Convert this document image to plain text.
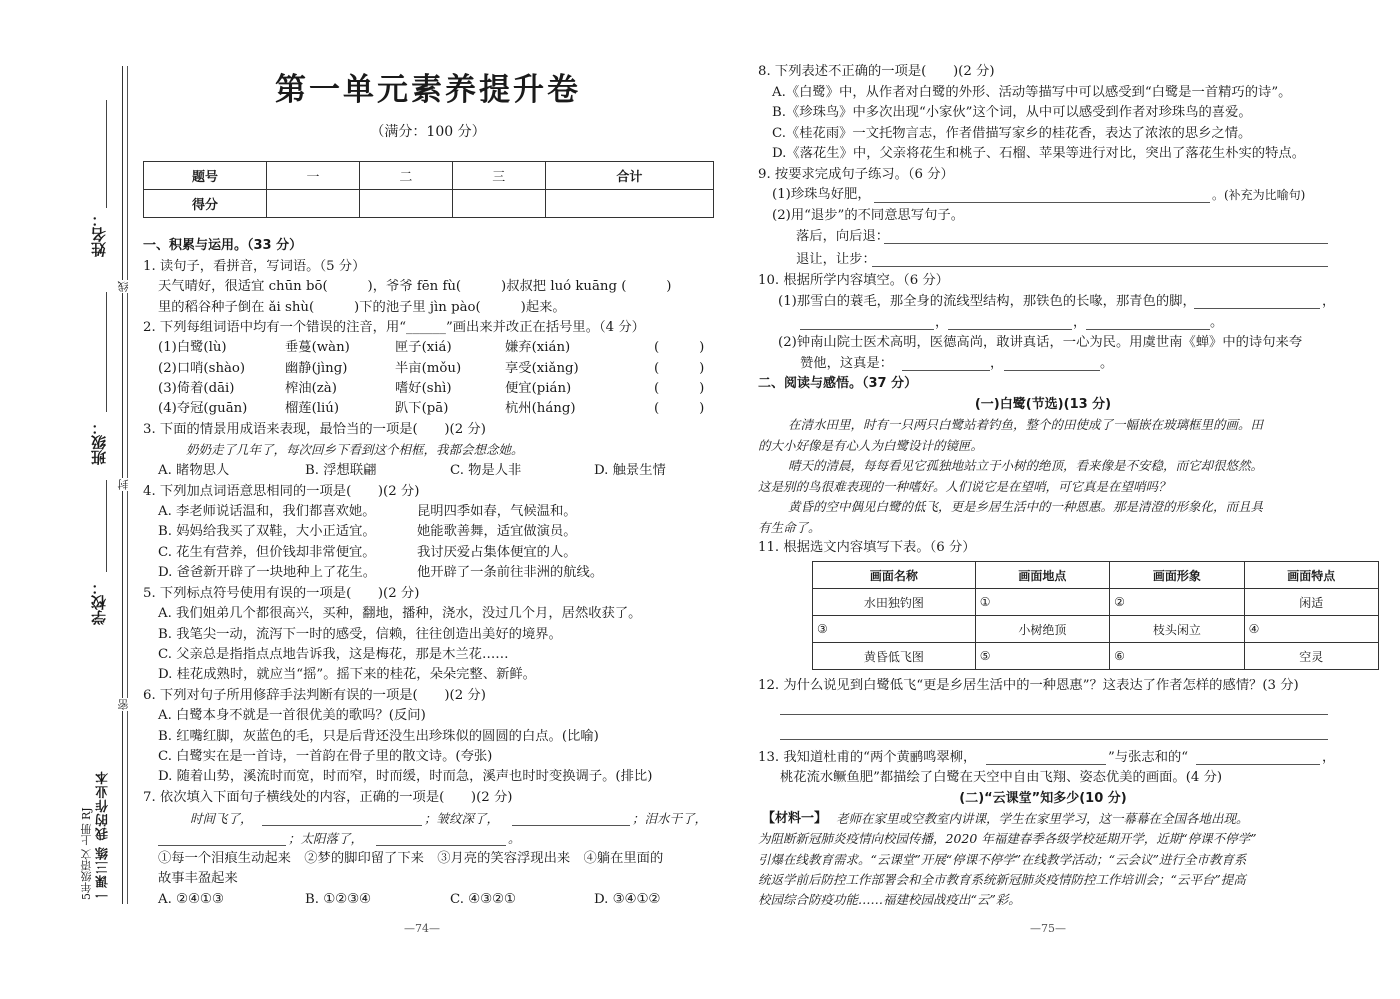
姓名：
线
班级：
封
学校：
密
一课三练 我的作业本
5年级语文 上册 RJ
第一单元素养提升卷
（满分：100 分）
题号	一	二	三	合计
得分				
一、积累与运用。（33 分）
1. 读句子，看拼音，写词语。（5 分）
天气晴好，很适宜 chūn bō(　　　)，爷爷 fēn fù(　　　)叔叔把 luó kuāng (　　　)
里的稻谷种子倒在 ǎi shù(　　　)下的池子里 jìn pào(　　　)起来。
2. 下列每组词语中均有一个错误的注音，用“______”画出来并改正在括号里。（4 分）
(1)白鹭(lù)	垂蔓(wàn)	匣子(xiá)	嫌弃(xián)	(　　　)
(2)口哨(shào)	幽静(jìnɡ)	半亩(mǒu)	享受(xiǎng)	(　　　)
(3)倚着(dāi)	榨油(zà)	嗜好(shì)	便宜(pián)	(　　　)
(4)夺冠(guān)	榴莲(liú)	趴下(pā)	杭州(háng)	(　　　)
3. 下面的情景用成语来表现，最恰当的一项是(　　)(2 分)
奶奶走了几年了，每次回乡下看到这个相框，我都会想念她。
A. 睹物思人	B. 浮想联翩	C. 物是人非	D. 触景生情
4. 下列加点词语意思相同的一项是(　　)(2 分)
A. 李老师说话温和，我们都喜欢她。	昆明四季如春，气候温和。
B. 妈妈给我买了双鞋，大小正适宜。	她能歌善舞，适宜做演员。
C. 花生有营养，但价钱却非常便宜。	我讨厌爱占集体便宜的人。
D. 爸爸新开辟了一块地种上了花生。	他开辟了一条前往非洲的航线。
5. 下列标点符号使用有误的一项是(　　)(2 分)
A. 我们姐弟几个都很高兴，买种，翻地，播种，浇水，没过几个月，居然收获了。
B. 我笔尖一动，流泻下一时的感受，信赖，往往创造出美好的境界。
C. 父亲总是指指点点地告诉我，这是梅花，那是木兰花……
D. 桂花成熟时，就应当“摇”。摇下来的桂花，朵朵完整、新鲜。
6. 下列对句子所用修辞手法判断有误的一项是(　　)(2 分)
A. 白鹭本身不就是一首很优美的歌吗？(反问)
B. 红嘴红脚，灰蓝色的毛，只是后背还没生出珍珠似的圆圆的白点。(比喻)
C. 白鹭实在是一首诗，一首韵在骨子里的散文诗。(夸张)
D. 随着山势，溪流时而宽，时而窄，时而缓，时而急，溪声也时时变换调子。(排比)
7. 依次填入下面句子横线处的内容，正确的一项是(　　)(2 分)
时间飞了，	；皱纹深了，	；泪水干了，
；太阳落了，	。
①每一个泪痕生动起来　②梦的脚印留了下来　③月亮的笑容浮现出来　④躺在里面的
故事丰盈起来
A. ②④①③	B. ①②③④	C. ④③②①	D. ③④①②
—74—
8. 下列表述不正确的一项是(　　)(2 分)
A.《白鹭》中，从作者对白鹭的外形、活动等描写中可以感受到“白鹭是一首精巧的诗”。
B.《珍珠鸟》中多次出现“小家伙”这个词，从中可以感受到作者对珍珠鸟的喜爱。
C.《桂花雨》一文托物言志，作者借描写家乡的桂花香，表达了浓浓的思乡之情。
D.《落花生》中，父亲将花生和桃子、石榴、苹果等进行对比，突出了落花生朴实的特点。
9. 按要求完成句子练习。（6 分）
(1)珍珠鸟好肥，	。(补充为比喻句)
(2)用“退步”的不同意思写句子。
落后，向后退：
退让，让步：
10. 根据所学内容填空。（6 分）
(1)那雪白的蓑毛，那全身的流线型结构，那铁色的长喙，那青色的脚，	，
，	，	。
(2)钟南山院士医术高明，医德高尚，敢讲真话，一心为民。用虞世南《蝉》中的诗句来夸
赞他，这真是：	，	。
二、阅读与感悟。（37 分）
(一)白鹭(节选)(13 分)
在清水田里，时有一只两只白鹭站着钓鱼，整个的田使成了一幅嵌在玻璃框里的画。田
的大小好像是有心人为白鹭设计的镜匣。
晴天的清晨，每每看见它孤独地站立于小树的绝顶，看来像是不安稳，而它却很悠然。
这是别的鸟很难表现的一种嗜好。人们说它是在望哨，可它真是在望哨吗？
黄昏的空中偶见白鹭的低飞，更是乡居生活中的一种恩惠。那是清澄的形象化，而且具
有生命了。
11. 根据选文内容填写下表。（6 分）
画面名称	画面地点	画面形象	画面特点
水田独钓图	①	②	闲适
③	小树绝顶	枝头闲立	④
黄昏低飞图	⑤	⑥	空灵
12. 为什么说见到白鹭低飞“更是乡居生活中的一种恩惠”？这表达了作者怎样的感情？(3 分)
13. 我知道杜甫的“两个黄鹂鸣翠柳，	”与张志和的“	，
桃花流水鳜鱼肥”都描绘了白鹭在天空中自由飞翔、姿态优美的画面。(4 分)
(二)“云课堂”知多少(10 分)
【材料一】 老师在家里或空教室内讲课，学生在家里学习，这一幕幕在全国各地出现。
为阻断新冠肺炎疫情向校园传播，2020 年福建春季各级学校延期开学，近期“停课不停学”
引爆在线教育需求。“云课堂”开展“停课不停学”在线教学活动；“云会议”进行全市教育系
统返学前后防控工作部署会和全市教育系统新冠肺炎疫情防控工作培训会；“云平台”提高
校园综合防疫功能……福建校园战疫出“云”彩。
—75—
